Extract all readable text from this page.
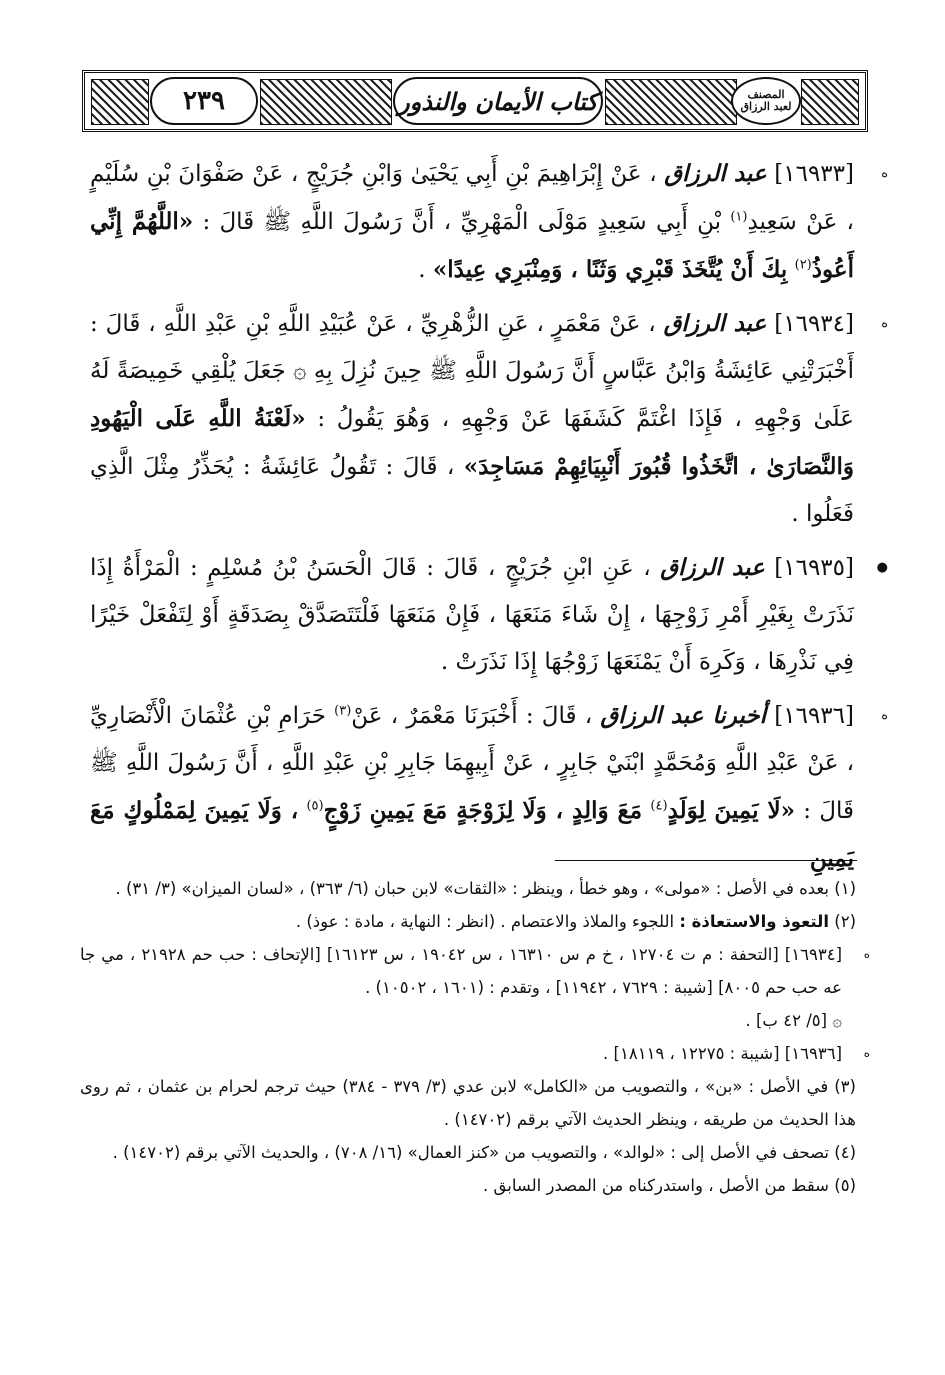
٢٣٩	كتاب الأيمان والنذور	المصنف
لعبد الرزاق

ه
[١٦٩٣٣] عبد الرزاق ، عَنْ إِبْرَاهِيمَ بْنِ أَبِي يَحْيَىٰ وَابْنِ جُرَيْجٍ ، عَنْ صَفْوَانَ بْنِ سُلَيْمٍ ، عَنْ سَعِيدِ$^{(١)}$ بْنِ أَبِي سَعِيدٍ مَوْلَى الْمَهْرِيِّ ، أَنَّ رَسُولَ اللَّهِ ﷺ قَالَ : «اللَّهُمَّ إِنِّي أَعُوذُ$^{(٢)}$ بِكَ أَنْ يُتَّخَذَ قَبْرِي وَثَنًا ، وَمِنْبَرِي عِيدًا» .

ه
[١٦٩٣٤] عبد الرزاق ، عَنْ مَعْمَرٍ ، عَنِ الزُّهْرِيِّ ، عَنْ عُبَيْدِ اللَّهِ بْنِ عَبْدِ اللَّهِ ، قَالَ : أَخْبَرَتْنِي عَائِشَةُ وَابْنُ عَبَّاسٍ أَنَّ رَسُولَ اللَّهِ ﷺ حِينَ نُزِلَ بِهِ ۞ جَعَلَ يُلْقِي خَمِيصَةً لَهُ عَلَىٰ وَجْهِهِ ، فَإِذَا اغْتَمَّ كَشَفَهَا عَنْ وَجْهِهِ ، وَهُوَ يَقُولُ : «لَعْنَةُ اللَّهِ عَلَى الْيَهُودِ وَالنَّصَارَىٰ ، اتَّخَذُوا قُبُورَ أَنْبِيَائِهِمْ مَسَاجِدَ» ، قَالَ : تَقُولُ عَائِشَةُ : يُحَذِّرُ مِثْلَ الَّذِي فَعَلُوا .

●
[١٦٩٣٥] عبد الرزاق ، عَنِ ابْنِ جُرَيْجٍ ، قَالَ : قَالَ الْحَسَنُ بْنُ مُسْلِمٍ : الْمَرْأَةُ إِذَا نَذَرَتْ بِغَيْرِ أَمْرِ زَوْجِهَا ، إِنْ شَاءَ مَنَعَهَا ، فَإِنْ مَنَعَهَا فَلْتَتَصَدَّقْ بِصَدَقَةٍ أَوْ لِتَفْعَلْ خَيْرًا فِي نَذْرِهَا ، وَكَرِهَ أَنْ يَمْنَعَهَا زَوْجُهَا إِذَا نَذَرَتْ .

ه
[١٦٩٣٦] أخبرنا عبد الرزاق ، قَالَ : أَخْبَرَنَا مَعْمَرٌ ، عَنْ$^{(٣)}$ حَرَامِ بْنِ عُثْمَانَ الْأَنْصَارِيِّ ، عَنْ عَبْدِ اللَّهِ وَمُحَمَّدٍ ابْنَيْ جَابِرٍ ، عَنْ أَبِيهِمَا جَابِرِ بْنِ عَبْدِ اللَّهِ ، أَنَّ رَسُولَ اللَّهِ ﷺ قَالَ : «لَا يَمِينَ لِوَلَدٍ$^{(٤)}$ مَعَ وَالِدٍ ، وَلَا لِزَوْجَةٍ مَعَ يَمِينِ زَوْجٍ$^{(٥)}$ ، وَلَا يَمِينَ لِمَمْلُوكٍ مَعَ يَمِينِ

(١) بعده في الأصل : «مولى» ، وهو خطأ ، وينظر : «الثقات» لابن حبان (٦/ ٣٦٣) ، «لسان الميزان» (٣/ ٣١) .

(٢) التعوذ والاستعاذة : اللجوء والملاذ والاعتصام . (انظر : النهاية ، مادة : عوذ) .

ه
[١٦٩٣٤] [التحفة : م ت ١٢٧٠٤ ، خ م س ١٦٣١٠ ، س ١٩٠٤٢ ، س ١٦١٢٣] [الإتحاف : حب حم ٢١٩٢٨ ، مي جا عه حب حم ٨٠٠٥] [شيبة : ٧٦٢٩ ، ١١٩٤٢] ، وتقدم : (١٦٠١ ، ١٠٥٠٢) .

۞ [٥/ ٤٢ ب] .

ه
[١٦٩٣٦] [شيبة : ١٢٢٧٥ ، ١٨١١٩] .

(٣) في الأصل : «بن» ، والتصويب من «الكامل» لابن عدي (٣/ ٣٧٩ - ٣٨٤) حيث ترجم لحرام بن عثمان ، ثم روى هذا الحديث من طريقه ، وينظر الحديث الآتي برقم (١٤٧٠٢) .

(٤) تصحف في الأصل إلى : «لوالد» ، والتصويب من «كنز العمال» (١٦/ ٧٠٨) ، والحديث الآتي برقم (١٤٧٠٢) .

(٥) سقط من الأصل ، واستدركناه من المصدر السابق .
